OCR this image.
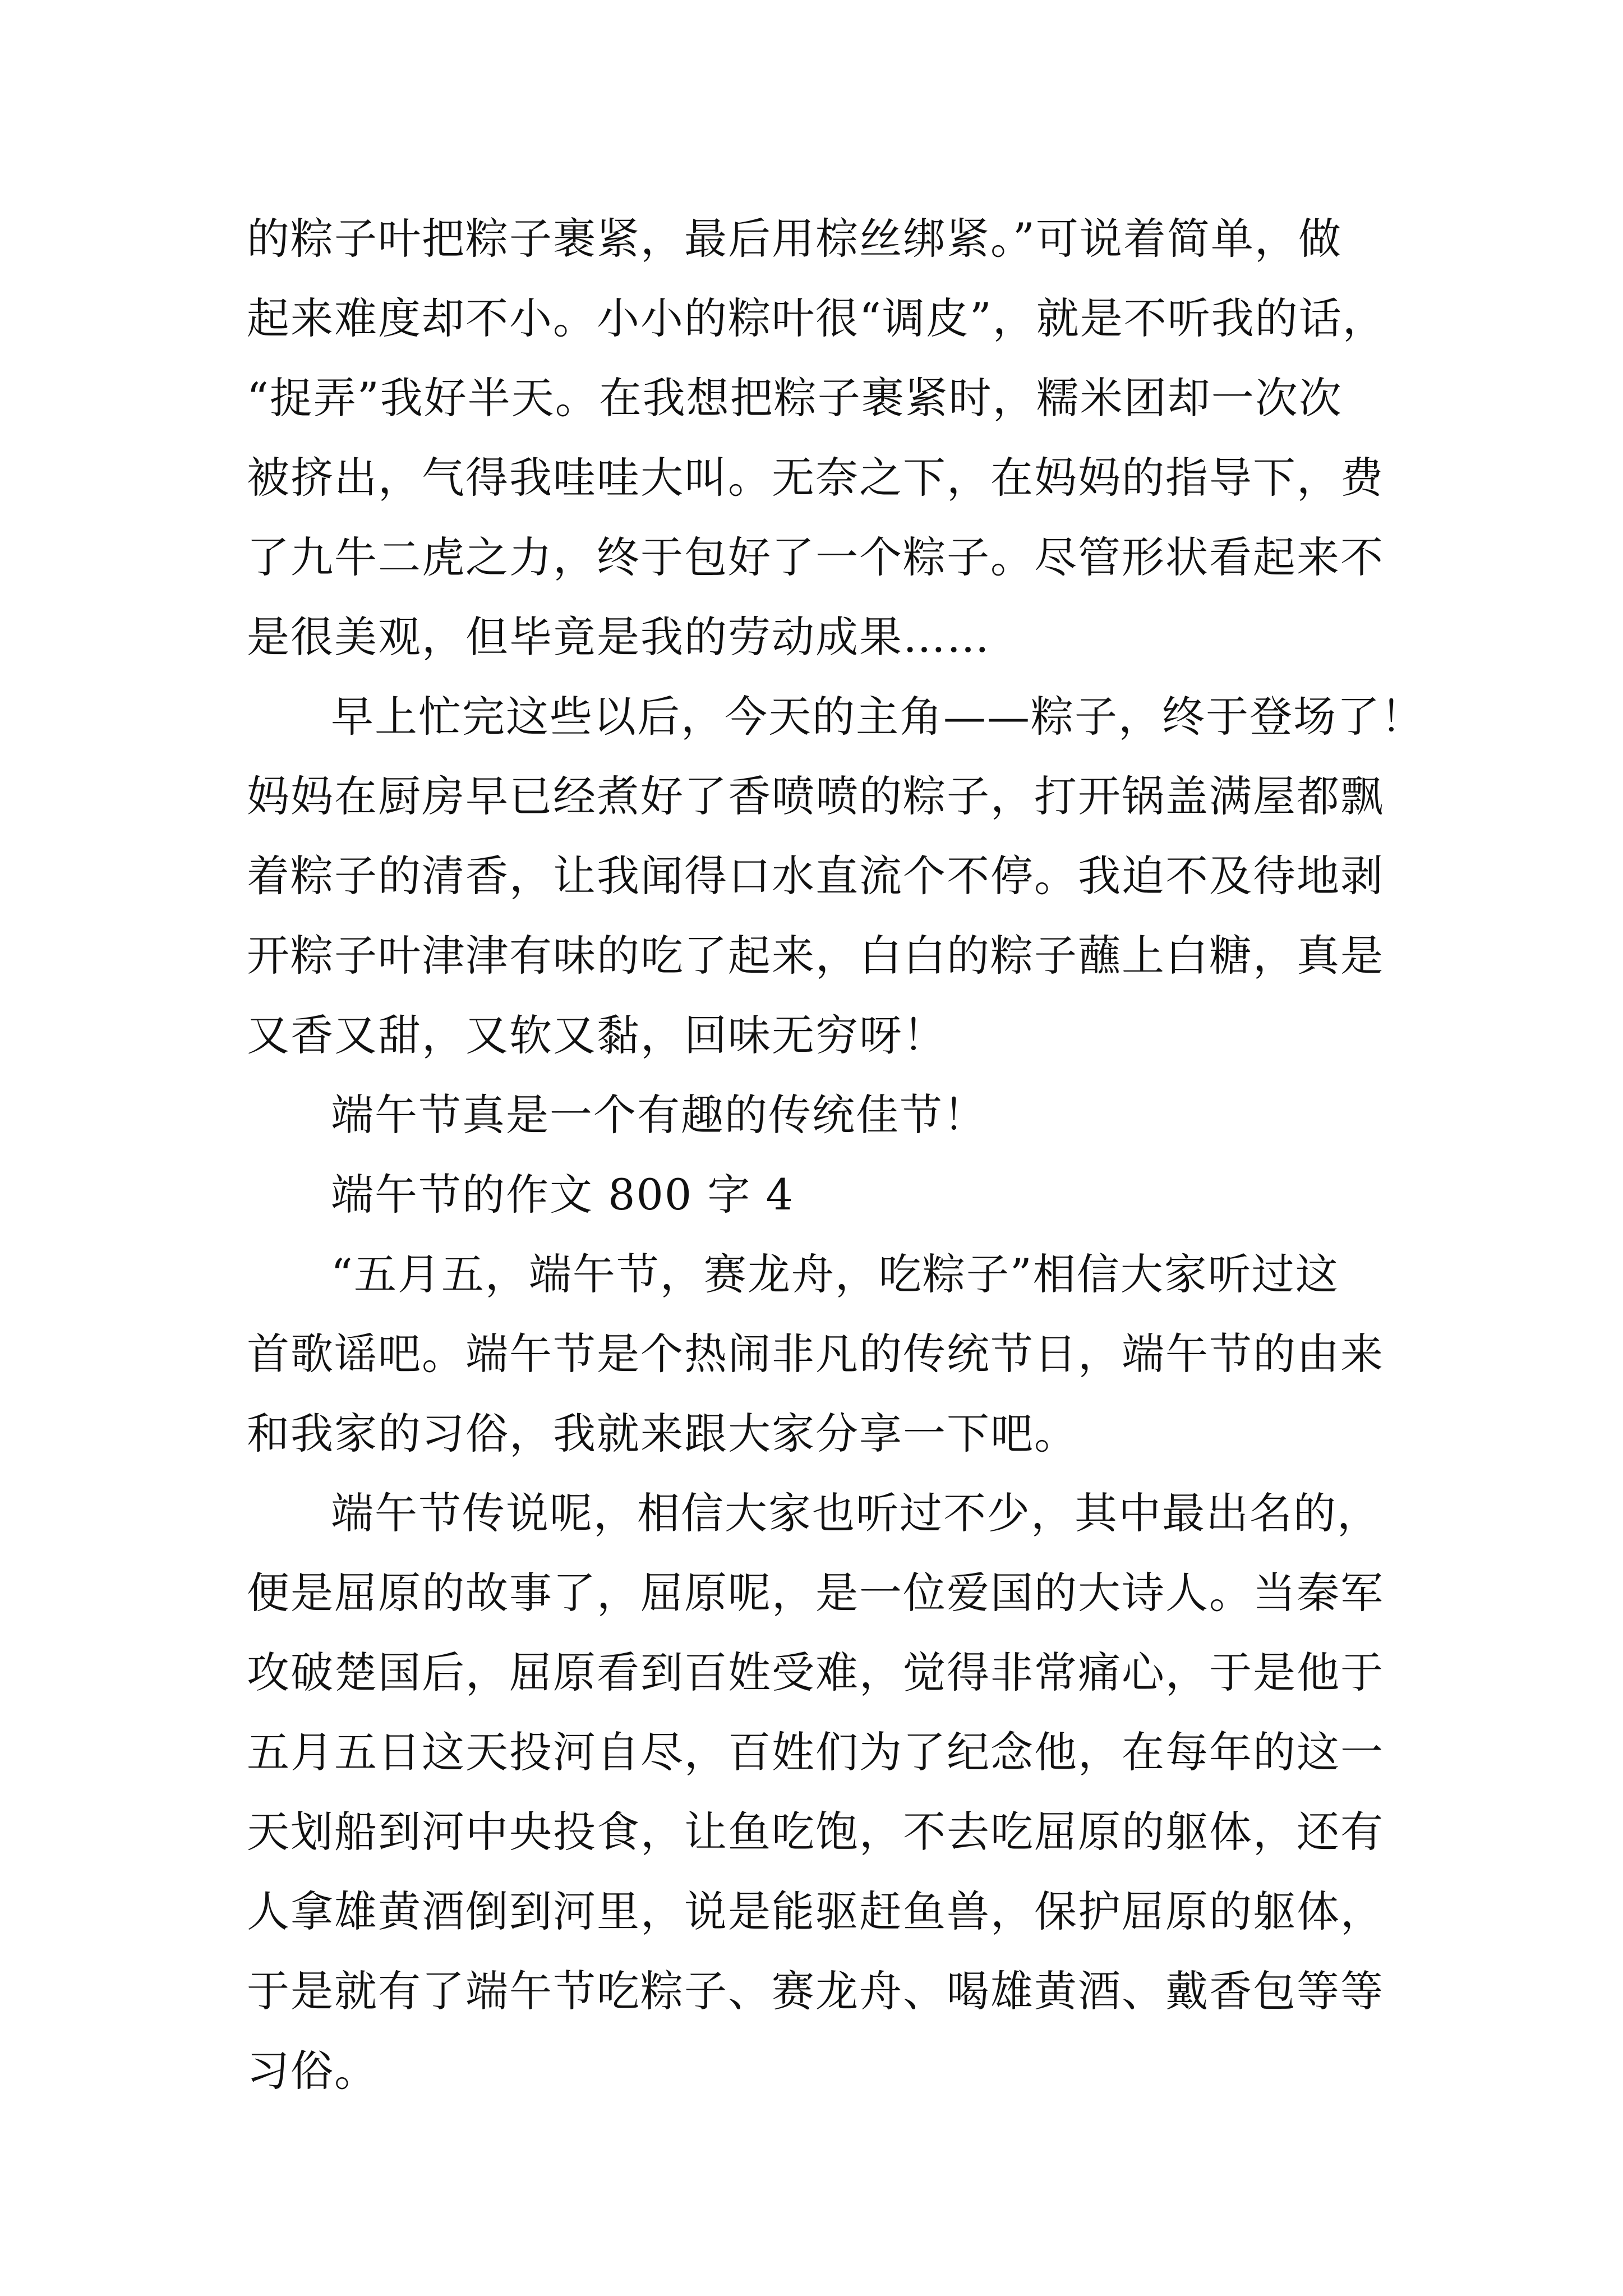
的粽子叶把粽子裹紧，最后用棕丝绑紧。”可说着简单，做
起来难度却不小。小小的粽叶很“调皮”，就是不听我的话，
“捉弄”我好半天。在我想把粽子裹紧时，糯米团却一次次
被挤出，气得我哇哇大叫。无奈之下，在妈妈的指导下，费
了九牛二虎之力，终于包好了一个粽子。尽管形状看起来不
是很美观，但毕竟是我的劳动成果……
早上忙完这些以后，今天的主角——粽子，终于登场了！
妈妈在厨房早已经煮好了香喷喷的粽子，打开锅盖满屋都飘
着粽子的清香，让我闻得口水直流个不停。我迫不及待地剥
开粽子叶津津有味的吃了起来，白白的粽子蘸上白糖，真是
又香又甜，又软又黏，回味无穷呀！
端午节真是一个有趣的传统佳节！
端午节的作文 800 字 4
“五月五，端午节，赛龙舟，吃粽子”相信大家听过这
首歌谣吧。端午节是个热闹非凡的传统节日，端午节的由来
和我家的习俗，我就来跟大家分享一下吧。
端午节传说呢，相信大家也听过不少，其中最出名的，
便是屈原的故事了，屈原呢，是一位爱国的大诗人。当秦军
攻破楚国后，屈原看到百姓受难，觉得非常痛心，于是他于
五月五日这天投河自尽，百姓们为了纪念他，在每年的这一
天划船到河中央投食，让鱼吃饱，不去吃屈原的躯体，还有
人拿雄黄酒倒到河里，说是能驱赶鱼兽，保护屈原的躯体，
于是就有了端午节吃粽子、赛龙舟、喝雄黄酒、戴香包等等
习俗。
